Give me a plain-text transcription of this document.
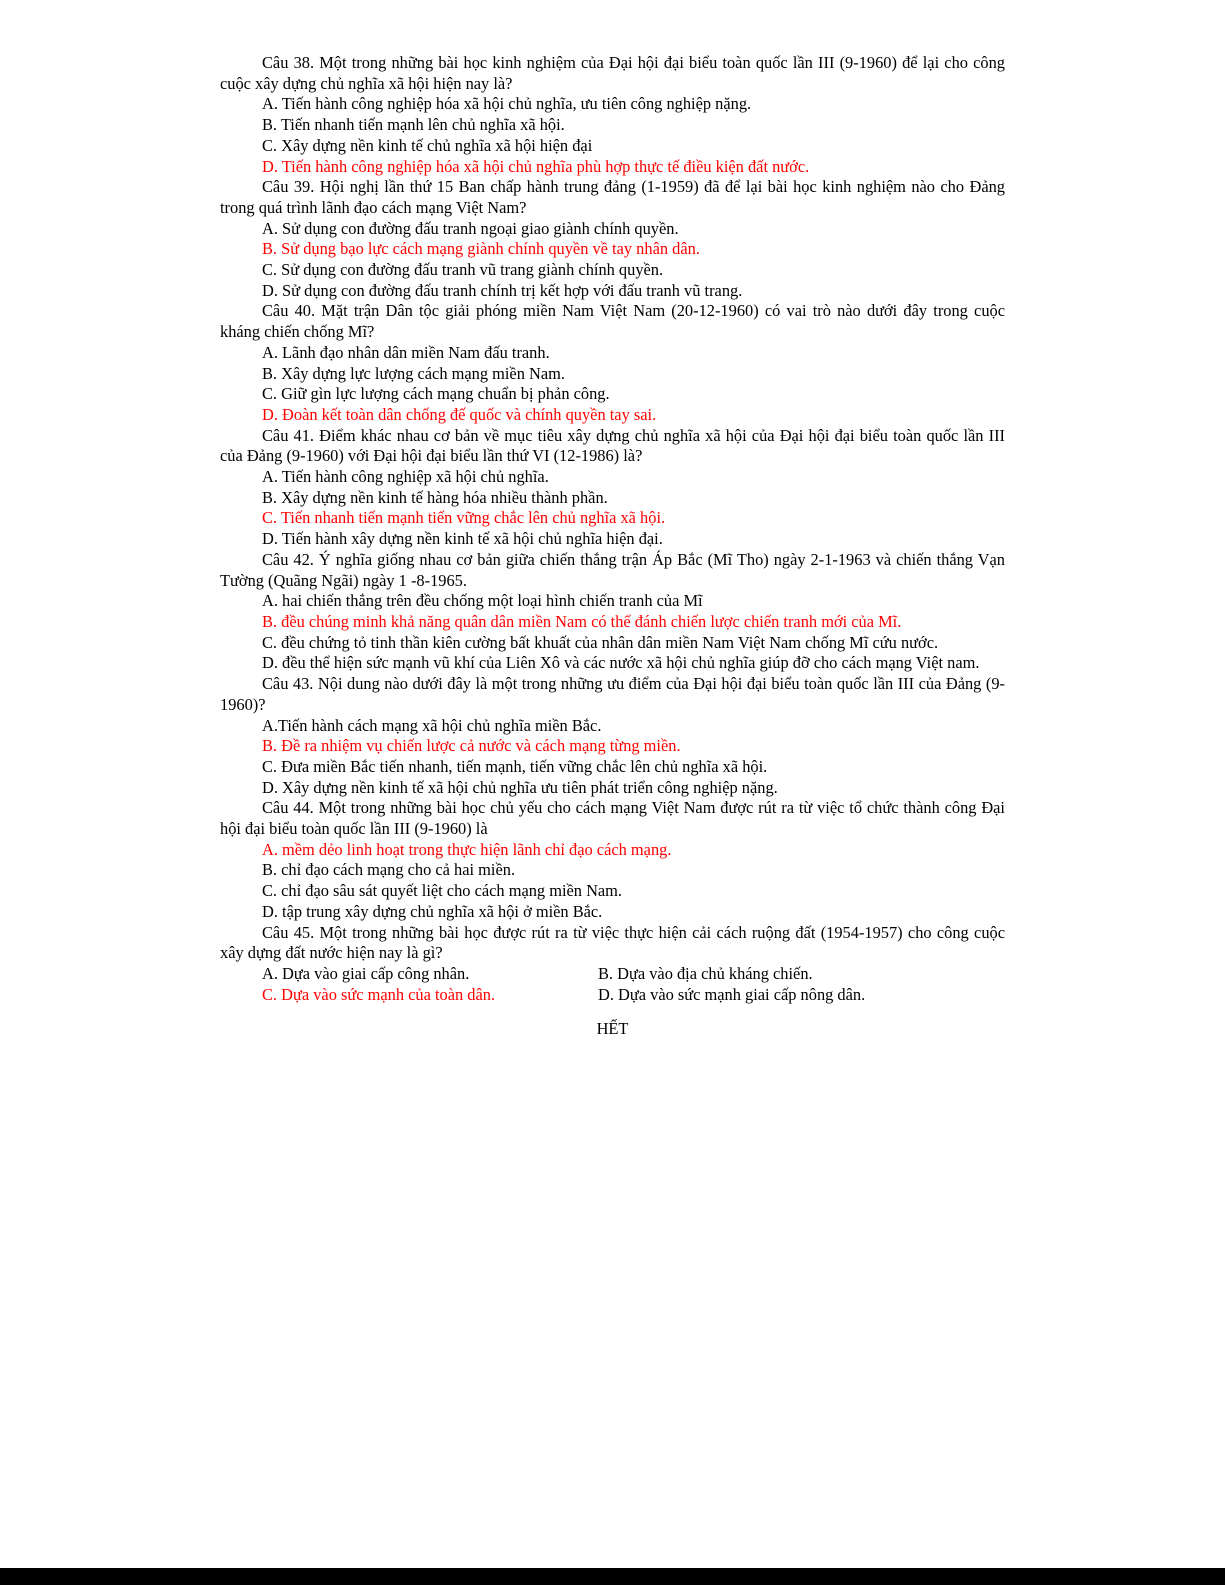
Câu 38. Một trong những bài học kinh nghiệm của Đại hội đại biểu toàn quốc lần III (9-1960) để lại cho công cuộc xây dựng chủ nghĩa xã hội hiện nay là?

A. Tiến hành công nghiệp hóa xã hội chủ nghĩa, ưu tiên công nghiệp nặng.

B. Tiến nhanh tiến mạnh lên chủ nghĩa xã hội.

C. Xây dựng nền kinh tế chủ nghĩa xã hội hiện đại

D. Tiến hành công nghiệp hóa xã hội chủ nghĩa phù hợp thực tế điều kiện đất nước.

Câu 39. Hội nghị lần thứ 15 Ban chấp hành trung đảng (1-1959) đã để lại bài học kinh nghiệm nào cho Đảng trong quá trình lãnh đạo cách mạng Việt Nam?

A. Sử dụng con đường đấu tranh ngoại giao giành chính quyền.

B. Sử dụng bạo lực cách mạng giành chính quyền về tay nhân dân.

C. Sử dụng con đường đấu tranh vũ trang giành chính quyền.

D. Sử dụng con đường đấu tranh chính trị kết hợp với đấu tranh vũ trang.

Câu 40. Mặt trận Dân tộc giải phóng miền Nam Việt Nam (20-12-1960) có vai trò nào dưới đây trong cuộc kháng chiến chống Mĩ?

A. Lãnh đạo nhân dân miền Nam đấu tranh.

B. Xây dựng lực lượng cách mạng miền Nam.

C. Giữ gìn lực lượng cách mạng chuẩn bị phản công.

D. Đoàn kết toàn dân chống đế quốc và chính quyền tay sai.

Câu 41. Điểm khác nhau cơ bản về mục tiêu xây dựng chủ nghĩa xã hội của Đại hội đại biểu toàn quốc lần III của Đảng (9-1960) với Đại hội đại biểu lần thứ VI (12-1986) là?

A. Tiến hành công nghiệp xã hội chủ nghĩa.

B. Xây dựng nền kinh tế hàng hóa nhiều thành phần.

C. Tiến nhanh tiến mạnh tiến vững chắc lên chủ nghĩa xã hội.

D. Tiến hành xây dựng nền kinh tế xã hội chủ nghĩa hiện đại.

Câu 42. Ý nghĩa giống nhau cơ bản giữa chiến thắng trận Áp Bắc (Mĩ Tho) ngày 2-1-1963 và chiến thắng Vạn Tường (Quãng Ngãi) ngày 1 -8-1965.

A. hai chiến thắng trên đều chống một loại hình chiến tranh của Mĩ

B. đều chúng minh khả năng quân dân miền Nam có thể đánh chiến lược chiến tranh mới của Mĩ.

C. đều chứng tỏ tinh thần kiên cường bất khuất của nhân dân miền Nam Việt Nam chống Mĩ cứu nước.

D. đều thể hiện sức mạnh vũ khí của Liên Xô và các nước xã hội chủ nghĩa giúp đỡ cho cách mạng Việt nam.

Câu 43. Nội dung nào dưới đây là một trong những ưu điểm của Đại hội đại biểu toàn quốc lần III của Đảng (9-1960)?

A.Tiến hành cách mạng xã hội chủ nghĩa miền Bắc.

B. Đề ra nhiệm vụ chiến lược cả nước và cách mạng từng miền.

C. Đưa miền Bắc tiến nhanh, tiến mạnh, tiến vững chắc lên chủ nghĩa xã hội.

D. Xây dựng nền kinh tế xã hội chủ nghĩa ưu tiên phát triển công nghiệp nặng.

Câu 44. Một trong những bài học chủ yếu cho cách mạng Việt Nam được rút ra từ việc tổ chức thành công Đại hội đại biểu toàn quốc lần III (9-1960) là

A. mềm dẻo linh hoạt trong thực hiện lãnh chỉ đạo cách mạng.

B. chỉ đạo cách mạng cho cả hai miền.

C. chỉ đạo sâu sát quyết liệt cho cách mạng miền Nam.

D. tập trung xây dựng chủ nghĩa xã hội ở miền Bắc.

Câu 45. Một trong những bài học được rút ra từ việc thực hiện cải cách ruộng đất (1954-1957) cho công cuộc xây dựng đất nước hiện nay là gì?

A. Dựa vào giai cấp công nhân.	B. Dựa vào địa chủ kháng chiến.
C. Dựa vào sức mạnh của toàn dân.	D. Dựa vào sức mạnh giai cấp nông dân.
HẾT
